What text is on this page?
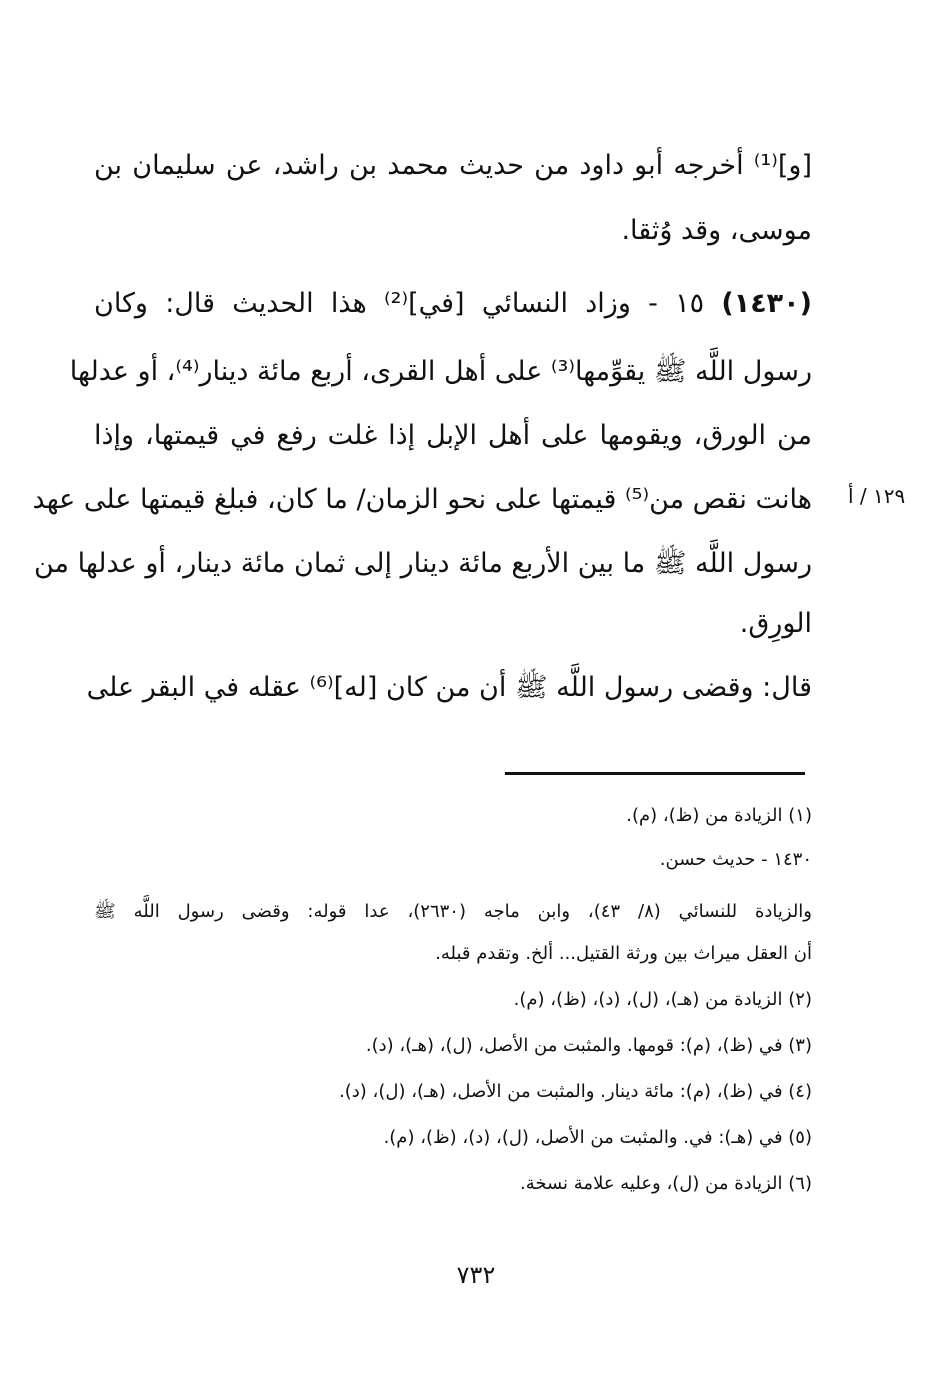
[و]⁽¹⁾ أخرجه أبو داود من حديث محمد بن راشد، عن سليمان بن
موسى، وقد وُثقا.
(١٤٣٠) ١٥ - وزاد النسائي [في]⁽²⁾ هذا الحديث قال: وكان
رسول اللَّه ﷺ يقوِّمها⁽³⁾ على أهل القرى، أربع مائة دينار⁽⁴⁾، أو عدلها
من الورق، ويقومها على أهل الإبل إذا غلت رفع في قيمتها، وإذا
هانت نقص من⁽⁵⁾ قيمتها على نحو الزمان/ ما كان، فبلغ قيمتها على عهد
رسول اللَّه ﷺ ما بين الأربع مائة دينار إلى ثمان مائة دينار، أو عدلها من
الورِق.
قال: وقضى رسول اللَّه ﷺ أن من كان [له]⁽⁶⁾ عقله في البقر على
١٢٩ / أ
(١) الزيادة من (ظ)، (م).
١٤٣٠ - حديث حسن.
والزيادة للنسائي (٨/ ٤٣)، وابن ماجه (٢٦٣٠)، عدا قوله: وقضى رسول اللَّه ﷺ
أن العقل ميراث بين ورثة القتيل... ألخ. وتقدم قبله.
(٢) الزيادة من (هـ)، (ل)، (د)، (ظ)، (م).
(٣) في (ظ)، (م): قومها. والمثبت من الأصل، (ل)، (هـ)، (د).
(٤) في (ظ)، (م): مائة دينار. والمثبت من الأصل، (هـ)، (ل)، (د).
(٥) في (هـ): في. والمثبت من الأصل، (ل)، (د)، (ظ)، (م).
(٦) الزيادة من (ل)، وعليه علامة نسخة.
٧٣٢
